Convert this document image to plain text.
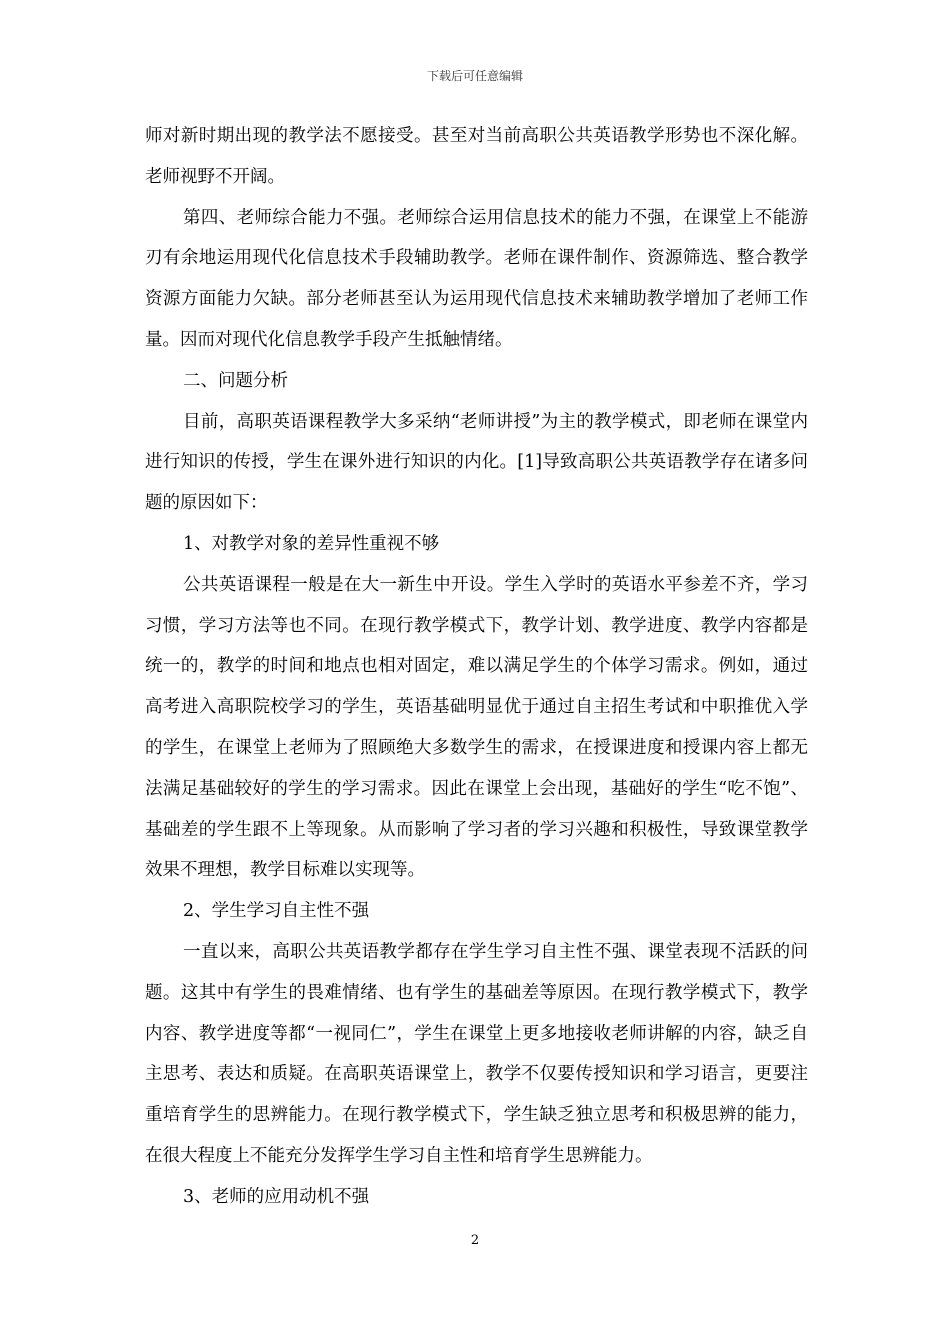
下载后可任意编辑

师对新时期出现的教学法不愿接受。甚至对当前高职公共英语教学形势也不深化解。老师视野不开阔。

第四、老师综合能力不强。老师综合运用信息技术的能力不强，在课堂上不能游刃有余地运用现代化信息技术手段辅助教学。老师在课件制作、资源筛选、整合教学资源方面能力欠缺。部分老师甚至认为运用现代信息技术来辅助教学增加了老师工作量。因而对现代化信息教学手段产生抵触情绪。

二、问题分析

目前，高职英语课程教学大多采纳“老师讲授”为主的教学模式，即老师在课堂内进行知识的传授，学生在课外进行知识的内化。[1]导致高职公共英语教学存在诸多问题的原因如下：

1、对教学对象的差异性重视不够

公共英语课程一般是在大一新生中开设。学生入学时的英语水平参差不齐，学习习惯，学习方法等也不同。在现行教学模式下，教学计划、教学进度、教学内容都是统一的，教学的时间和地点也相对固定，难以满足学生的个体学习需求。例如，通过高考进入高职院校学习的学生，英语基础明显优于通过自主招生考试和中职推优入学的学生，在课堂上老师为了照顾绝大多数学生的需求，在授课进度和授课内容上都无法满足基础较好的学生的学习需求。因此在课堂上会出现，基础好的学生“吃不饱”、基础差的学生跟不上等现象。从而影响了学习者的学习兴趣和积极性，导致课堂教学效果不理想，教学目标难以实现等。

2、学生学习自主性不强

一直以来，高职公共英语教学都存在学生学习自主性不强、课堂表现不活跃的问题。这其中有学生的畏难情绪、也有学生的基础差等原因。在现行教学模式下，教学内容、教学进度等都“一视同仁”，学生在课堂上更多地接收老师讲解的内容，缺乏自主思考、表达和质疑。在高职英语课堂上，教学不仅要传授知识和学习语言，更要注重培育学生的思辨能力。在现行教学模式下，学生缺乏独立思考和积极思辨的能力，在很大程度上不能充分发挥学生学习自主性和培育学生思辨能力。

3、老师的应用动机不强

2
